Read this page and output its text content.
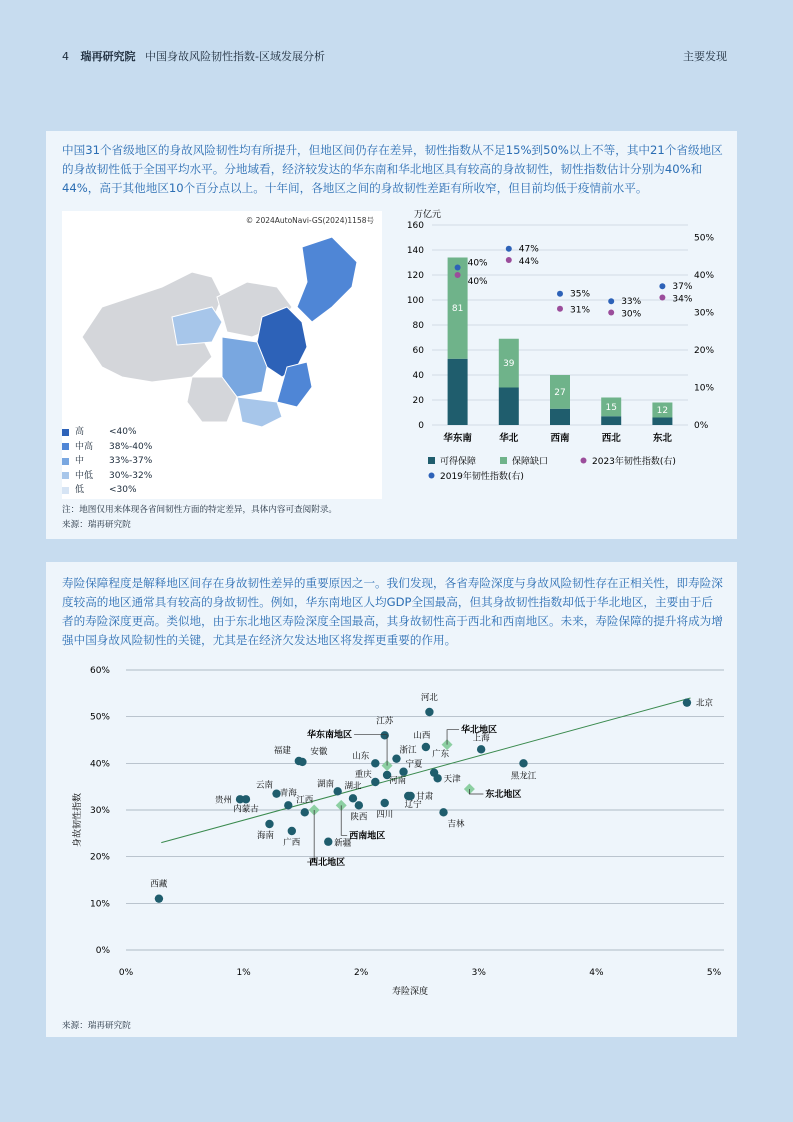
4 瑞再研究院 中国身故风险韧性指数-区域发展分析	主要发现
中国31个省级地区的身故风险韧性均有所提升，但地区间仍存在差异，韧性指数从不足15%到50%以上不等，其中21个省级地区的身故韧性低于全国平均水平。分地域看，经济较发达的华东南和华北地区具有较高的身故韧性，韧性指数估计分别为40%和44%，高于其他地区10个百分点以上。十年间，各地区之间的身故韧性差距有所收窄，但目前均低于疫情前水平。
© 2024AutoNavi-GS(2024)1158号
高	<40%
中高	38%-40%
中	33%-37%
中低	30%-32%
低	<30%
注：地图仅用来体现各省间韧性方面的特定差异，具体内容可查阅附录。
来源：瑞再研究院
万亿元
0
20
40
60
80
100
120
140
160
0%
10%
20%
30%
40%
50%
81
华东南
40%
40%
39
华北
44%
47%
27
西南
31%
35%
15
西北
30%
33%
12
东北
34%
37%
可得保障	保障缺口	2023年韧性指数(右)
2019年韧性指数(右)
寿险保障程度是解释地区间存在身故韧性差异的重要原因之一。我们发现，各省寿险深度与身故风险韧性存在正相关性，即寿险深度较高的地区通常具有较高的身故韧性。例如，华东南地区人均GDP全国最高，但其身故韧性指数却低于华北地区，主要由于后者的寿险深度更高。类似地，由于东北地区寿险深度全国最高，其身故韧性高于西北和西南地区。未来，寿险保障的提升将成为增强中国身故风险韧性的关键，尤其是在经济欠发达地区将发挥更重要的作用。
0%
10%
20%
30%
40%
50%
60%
0%	1%	2%	3%	4%	5%
寿险深度
身故韧性指数
北京
河北
江苏
山西	上海
福建 安徽	山东
浙江
黑龙江
宁夏
广东
天津
重庆
河南
湖南
云南
青海
贵州
内蒙古
湖北
甘肃
辽宁
陕西 四川
吉林
江西
海南
广西	新疆
西藏
华北地区
华东南地区
东北地区
西南地区
西北地区
来源：瑞再研究院
